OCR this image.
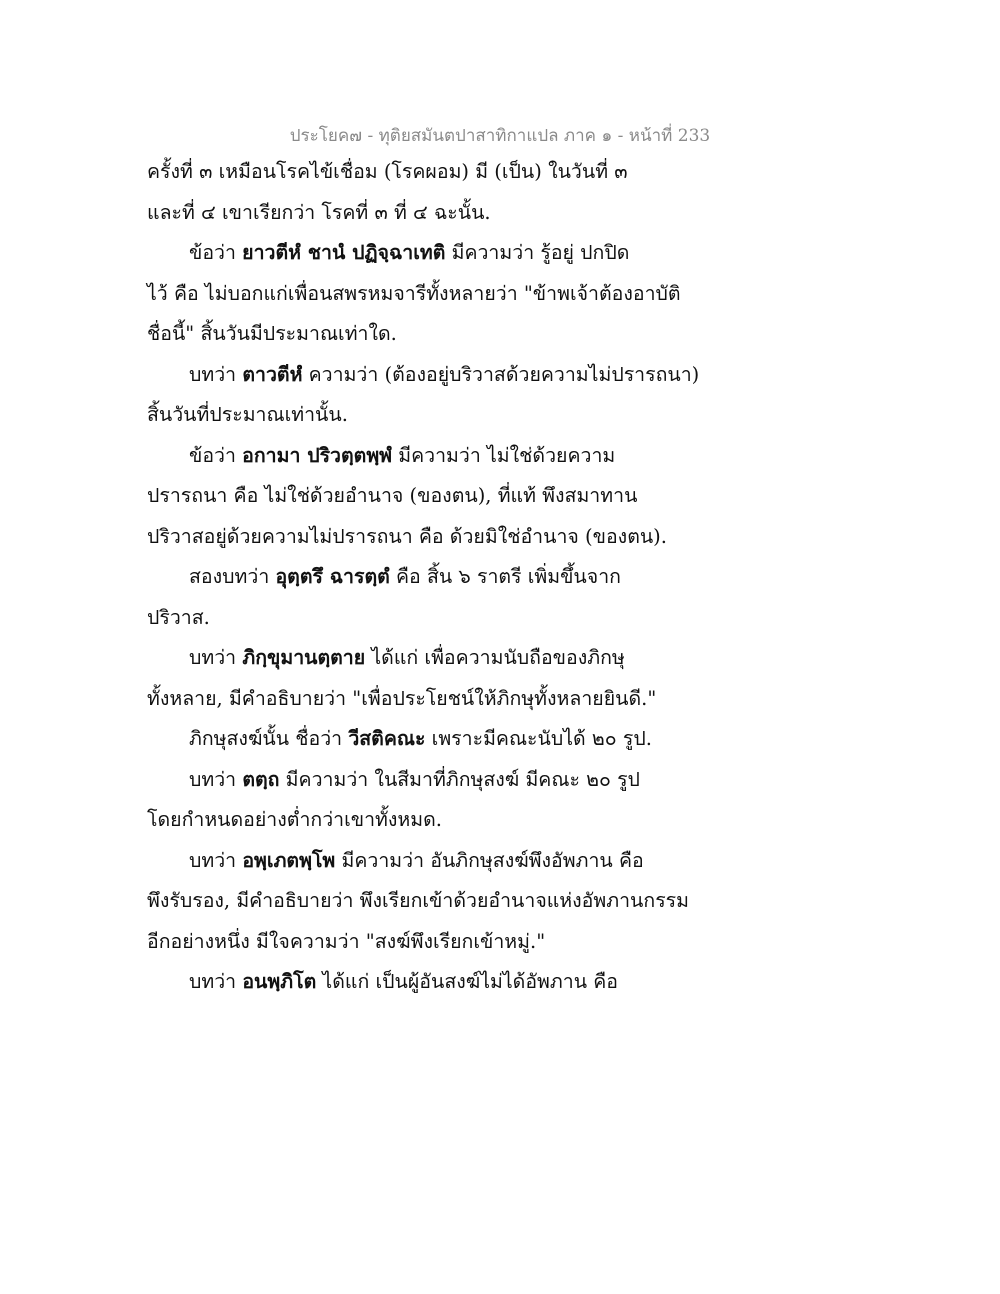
ประโยค๗ - ทุติยสมันตปาสาทิกาแปล ภาค ๑ - หน้าที่ 233
ครั้งที่ ๓ เหมือนโรคไข้เชื่อม (โรคผอม) มี (เป็น) ในวันที่ ๓
และที่ ๔ เขาเรียกว่า โรคที่ ๓ ที่ ๔ ฉะนั้น.
ข้อว่า ยาวตีหํ ชานํ ปฏิจฺฉาเทติ มีความว่า รู้อยู่ ปกปิด
ไว้ คือ ไม่บอกแก่เพื่อนสพรหมจารีทั้งหลายว่า "ข้าพเจ้าต้องอาบัติ
ชื่อนี้" สิ้นวันมีประมาณเท่าใด.
บทว่า ตาวตีหํ ความว่า (ต้องอยู่บริวาสด้วยความไม่ปรารถนา)
สิ้นวันที่ประมาณเท่านั้น.
ข้อว่า อกามา ปริวตฺตพฺพํ มีความว่า ไม่ใช่ด้วยความ
ปรารถนา คือ ไม่ใช่ด้วยอำนาจ (ของตน), ที่แท้ พึงสมาทาน
ปริวาสอยู่ด้วยความไม่ปรารถนา คือ ด้วยมิใช่อำนาจ (ของตน).
สองบทว่า อุตฺตรึ ฉารตฺตํ คือ สิ้น ๖ ราตรี เพิ่มขึ้นจาก
ปริวาส.
บทว่า ภิกฺขุมานตฺตาย ได้แก่ เพื่อความนับถือของภิกษุ
ทั้งหลาย, มีคำอธิบายว่า "เพื่อประโยชน์ให้ภิกษุทั้งหลายยินดี."
ภิกษุสงฆ์นั้น ชื่อว่า วีสติคณะ เพราะมีคณะนับได้ ๒๐ รูป.
บทว่า ตตฺถ มีความว่า ในสีมาที่ภิกษุสงฆ์ มีคณะ ๒๐ รูป
โดยกำหนดอย่างต่ำกว่าเขาทั้งหมด.
บทว่า อพฺเภตพฺโพ มีความว่า อันภิกษุสงฆ์พึงอัพภาน คือ
พึงรับรอง, มีคำอธิบายว่า พึงเรียกเข้าด้วยอำนาจแห่งอัพภานกรรม
อีกอย่างหนึ่ง มีใจความว่า "สงฆ์พึงเรียกเข้าหมู่."
บทว่า อนพฺภิโต ได้แก่ เป็นผู้อันสงฆ์ไม่ได้อัพภาน คือ
